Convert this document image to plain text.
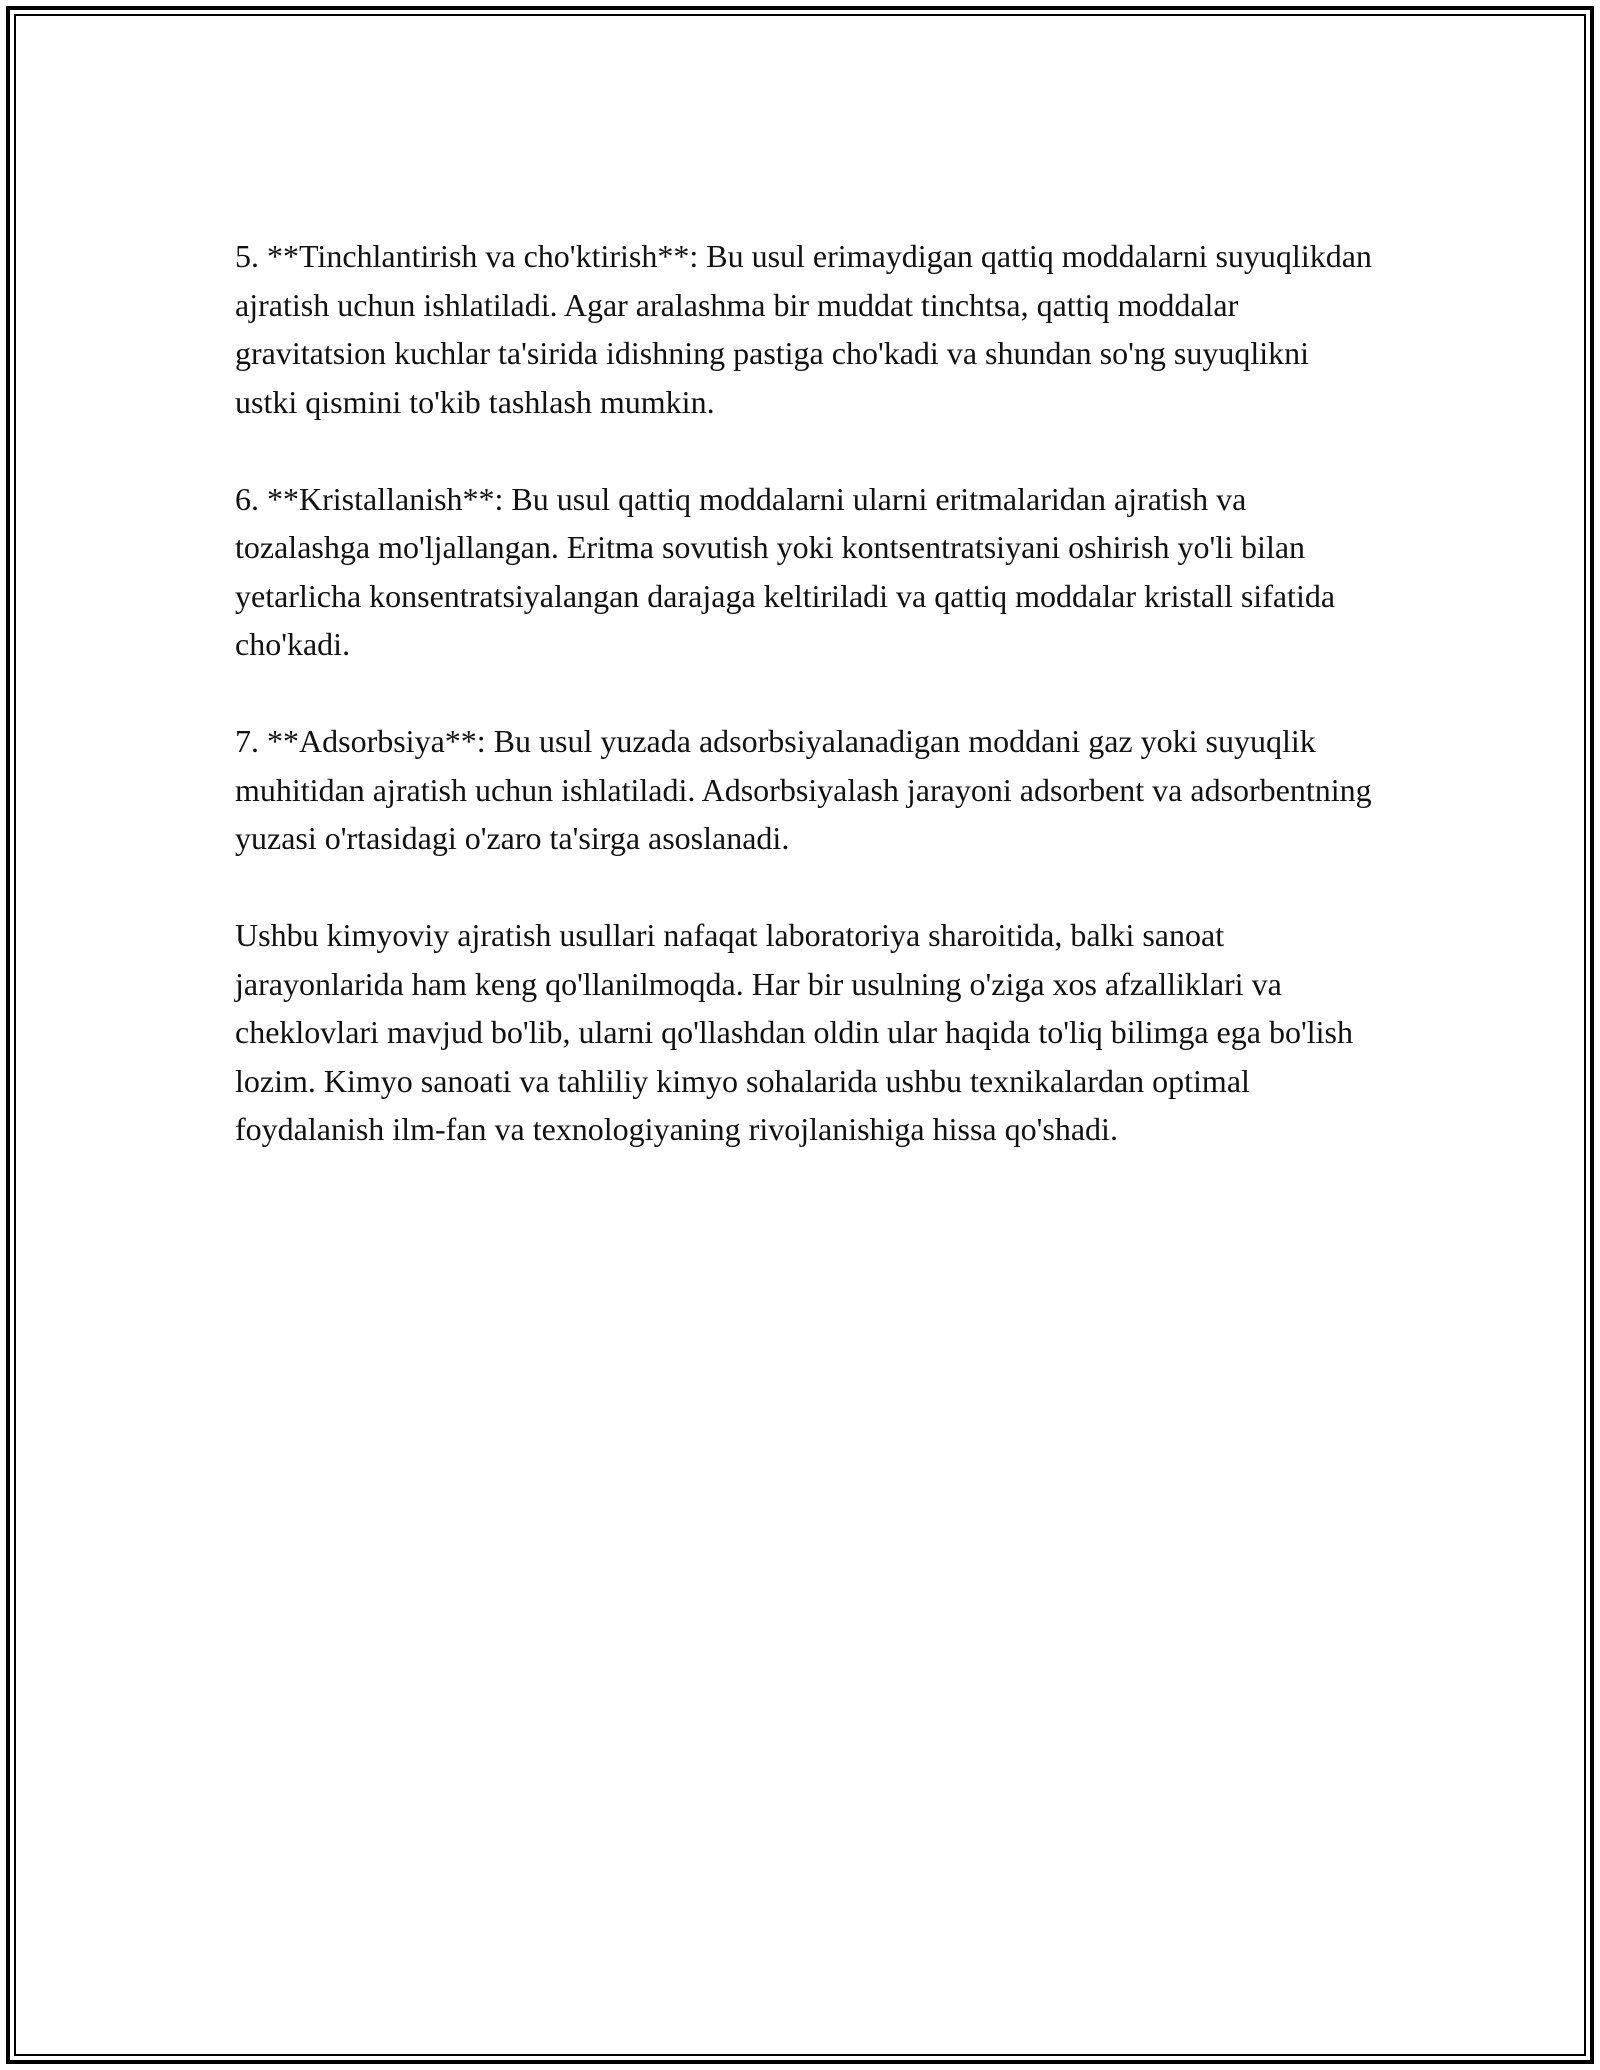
5. **Tinchlantirish va cho'ktirish**: Bu usul erimaydigan qattiq moddalarni suyuqlikdan ajratish uchun ishlatiladi. Agar aralashma bir muddat tinchtsa, qattiq moddalar gravitatsion kuchlar ta'sirida idishning pastiga cho'kadi va shundan so'ng suyuqlikni ustki qismini to'kib tashlash mumkin.

6. **Kristallanish**: Bu usul qattiq moddalarni ularni eritmalaridan ajratish va tozalashga mo'ljallangan. Eritma sovutish yoki kontsentratsiyani oshirish yo'li bilan yetarlicha konsentratsiyalangan darajaga keltiriladi va qattiq moddalar kristall sifatida cho'kadi.

7. **Adsorbsiya**: Bu usul yuzada adsorbsiyalanadigan moddani gaz yoki suyuqlik muhitidan ajratish uchun ishlatiladi. Adsorbsiyalash jarayoni adsorbent va adsorbentning yuzasi o'rtasidagi o'zaro ta'sirga asoslanadi.

Ushbu kimyoviy ajratish usullari nafaqat laboratoriya sharoitida, balki sanoat jarayonlarida ham keng qo'llanilmoqda. Har bir usulning o'ziga xos afzalliklari va cheklovlari mavjud bo'lib, ularni qo'llashdan oldin ular haqida to'liq bilimga ega bo'lish lozim. Kimyo sanoati va tahliliy kimyo sohalarida ushbu texnikalardan optimal foydalanish ilm-fan va texnologiyaning rivojlanishiga hissa qo'shadi.
